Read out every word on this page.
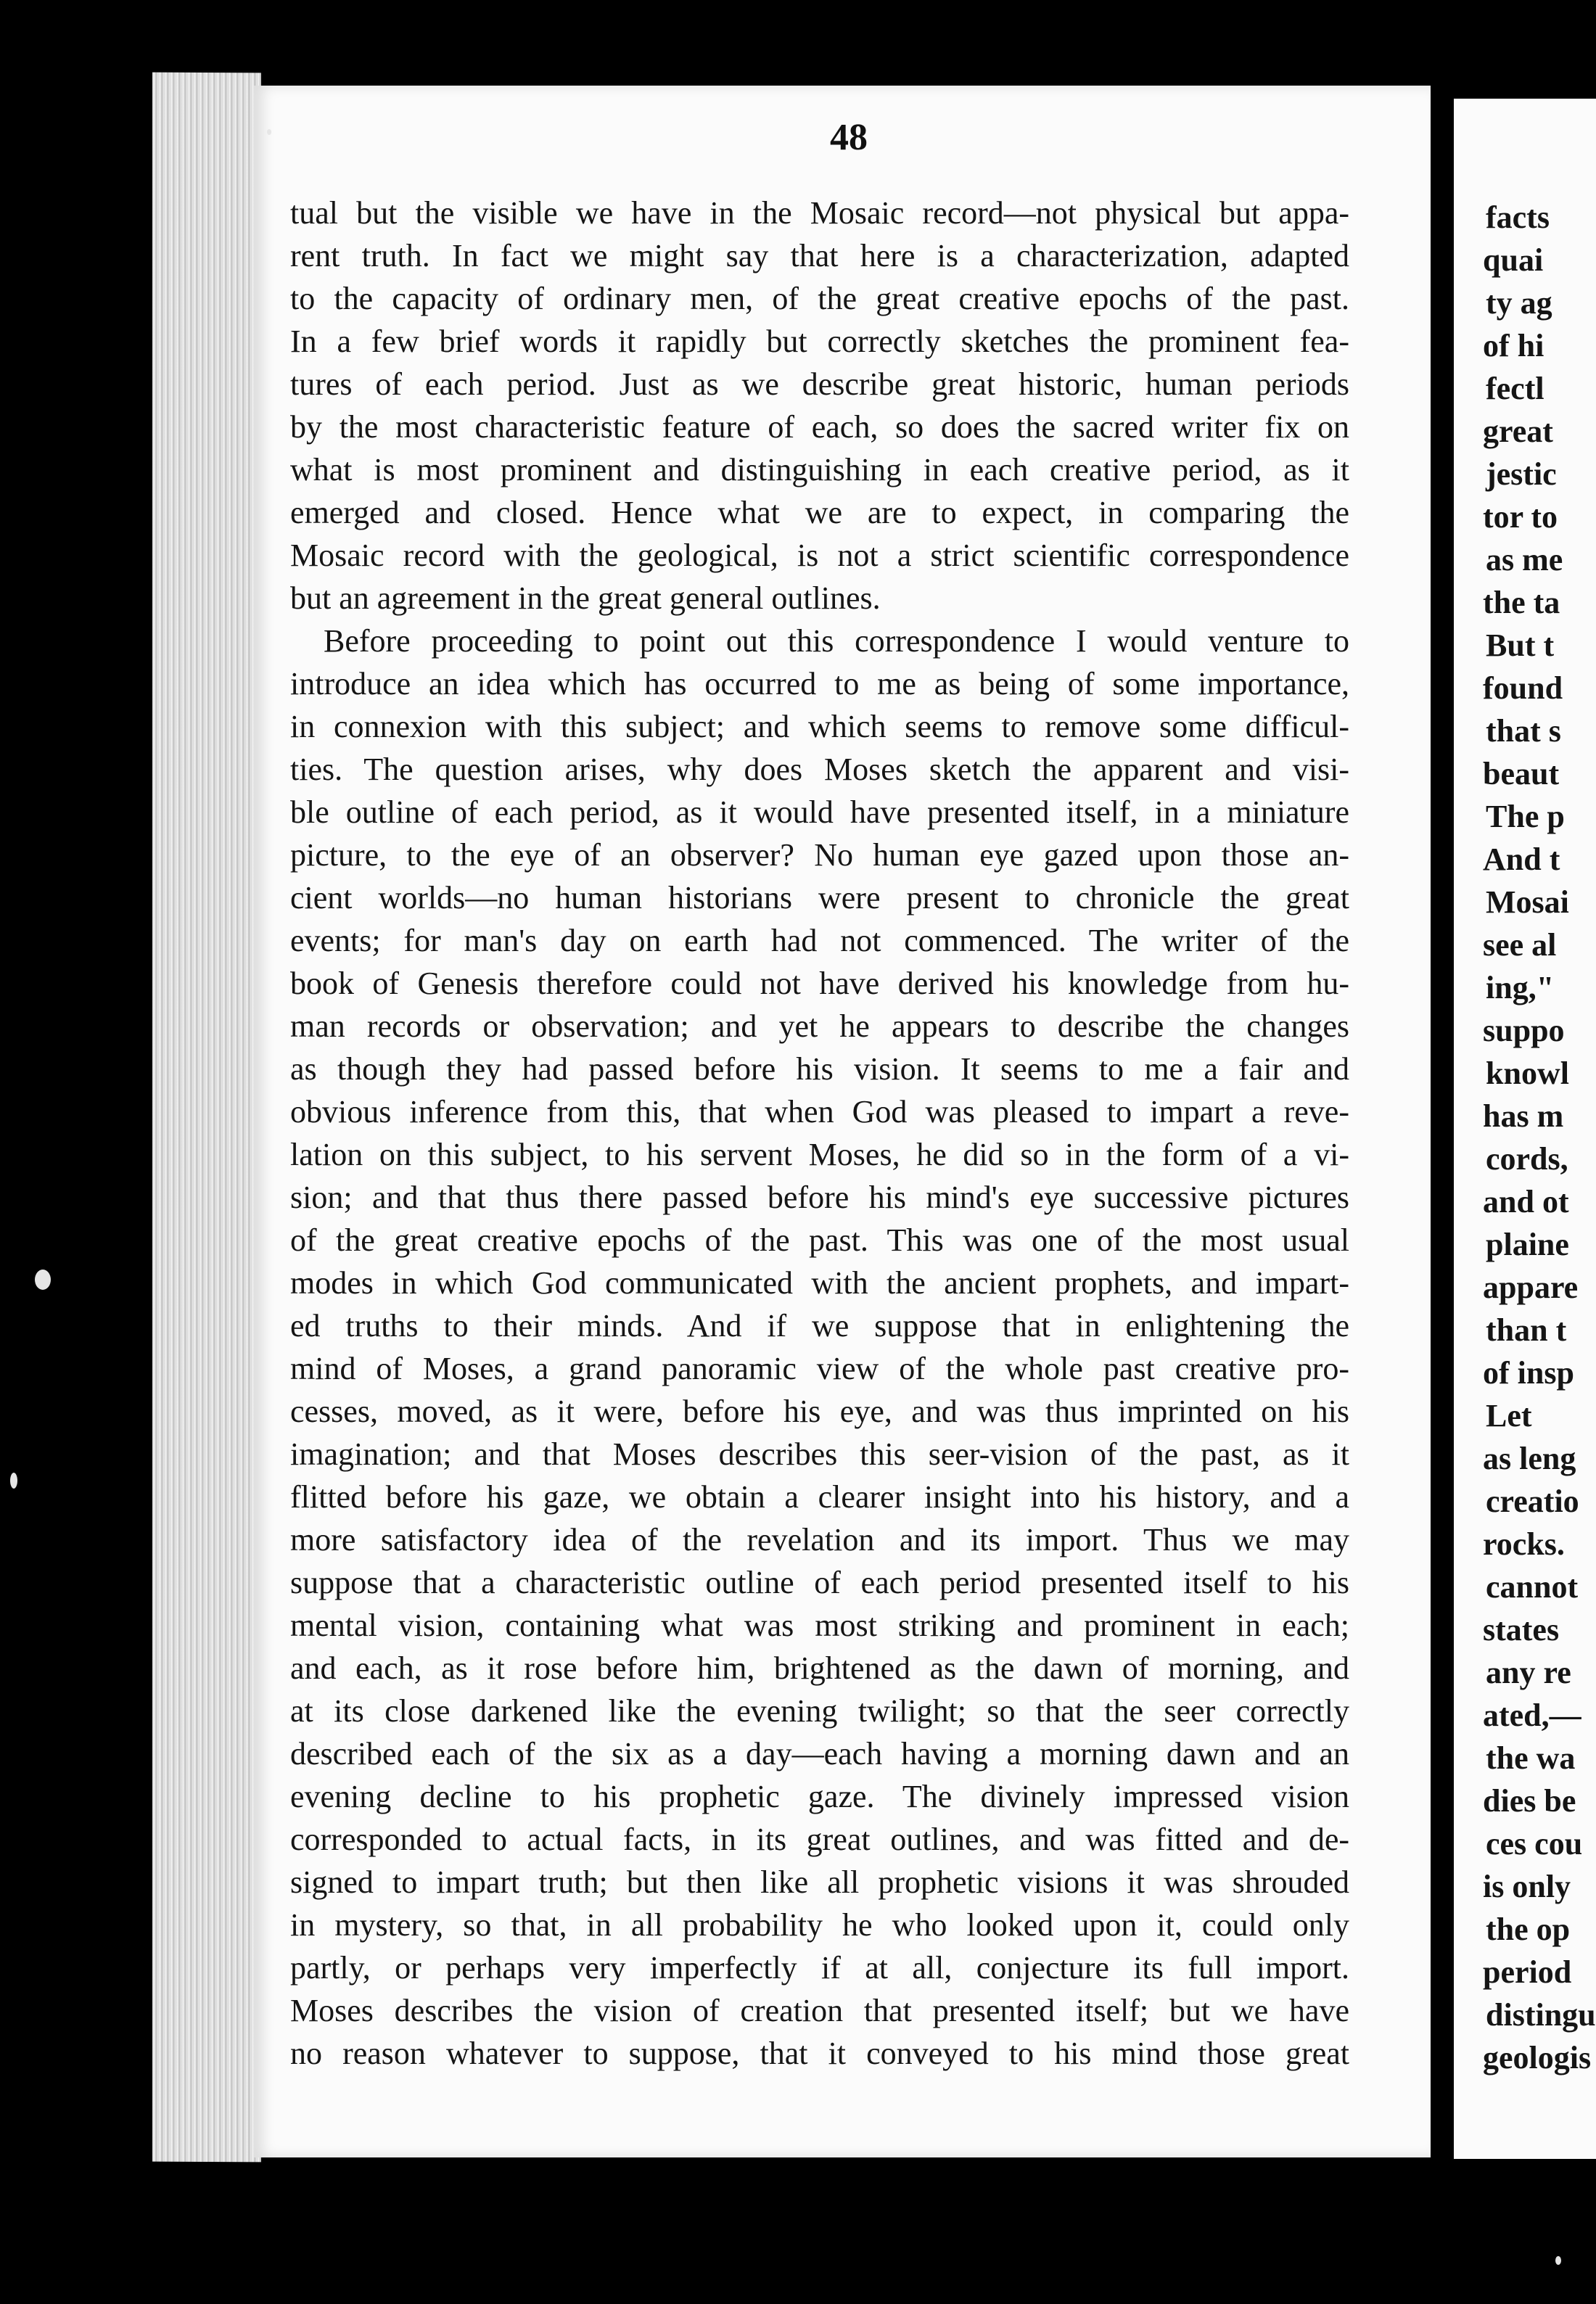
48
tual but the visible we have in the Mosaic record—not physical but appa-
rent truth. In fact we might say that here is a characterization, adapted
to the capacity of ordinary men, of the great creative epochs of the past.
In a few brief words it rapidly but correctly sketches the prominent fea-
tures of each period. Just as we describe great historic, human periods
by the most characteristic feature of each, so does the sacred writer fix on
what is most prominent and distinguishing in each creative period, as it
emerged and closed. Hence what we are to expect, in comparing the
Mosaic record with the geological, is not a strict scientific correspondence
but an agreement in the great general outlines.
Before proceeding to point out this correspondence I would venture to
introduce an idea which has occurred to me as being of some importance,
in connexion with this subject; and which seems to remove some difficul-
ties. The question arises, why does Moses sketch the apparent and visi-
ble outline of each period, as it would have presented itself, in a miniature
picture, to the eye of an observer? No human eye gazed upon those an-
cient worlds—no human historians were present to chronicle the great
events; for man's day on earth had not commenced. The writer of the
book of Genesis therefore could not have derived his knowledge from hu-
man records or observation; and yet he appears to describe the changes
as though they had passed before his vision. It seems to me a fair and
obvious inference from this, that when God was pleased to impart a reve-
lation on this subject, to his servent Moses, he did so in the form of a vi-
sion; and that thus there passed before his mind's eye successive pictures
of the great creative epochs of the past. This was one of the most usual
modes in which God communicated with the ancient prophets, and impart-
ed truths to their minds. And if we suppose that in enlightening the
mind of Moses, a grand panoramic view of the whole past creative pro-
cesses, moved, as it were, before his eye, and was thus imprinted on his
imagination; and that Moses describes this seer-vision of the past, as it
flitted before his gaze, we obtain a clearer insight into his history, and a
more satisfactory idea of the revelation and its import. Thus we may
suppose that a characteristic outline of each period presented itself to his
mental vision, containing what was most striking and prominent in each;
and each, as it rose before him, brightened as the dawn of morning, and
at its close darkened like the evening twilight; so that the seer correctly
described each of the six as a day—each having a morning dawn and an
evening decline to his prophetic gaze. The divinely impressed vision
corresponded to actual facts, in its great outlines, and was fitted and de-
signed to impart truth; but then like all prophetic visions it was shrouded
in mystery, so that, in all probability he who looked upon it, could only
partly, or perhaps very imperfectly if at all, conjecture its full import.
Moses describes the vision of creation that presented itself; but we have
no reason whatever to suppose, that it conveyed to his mind those great
facts
quai
ty ag
of hi
fectl
great
jestic
tor to
as me
the ta
But t
found
that s
beaut
The p
And t
Mosai
see al
ing,"
suppo
knowl
has m
cords,
and ot
plaine
appare
than t
of insp
Let
as leng
creatio
rocks.
cannot
states
any re
ated,—
the wa
dies be
ces cou
is only
the op
period
distingu
geologis
